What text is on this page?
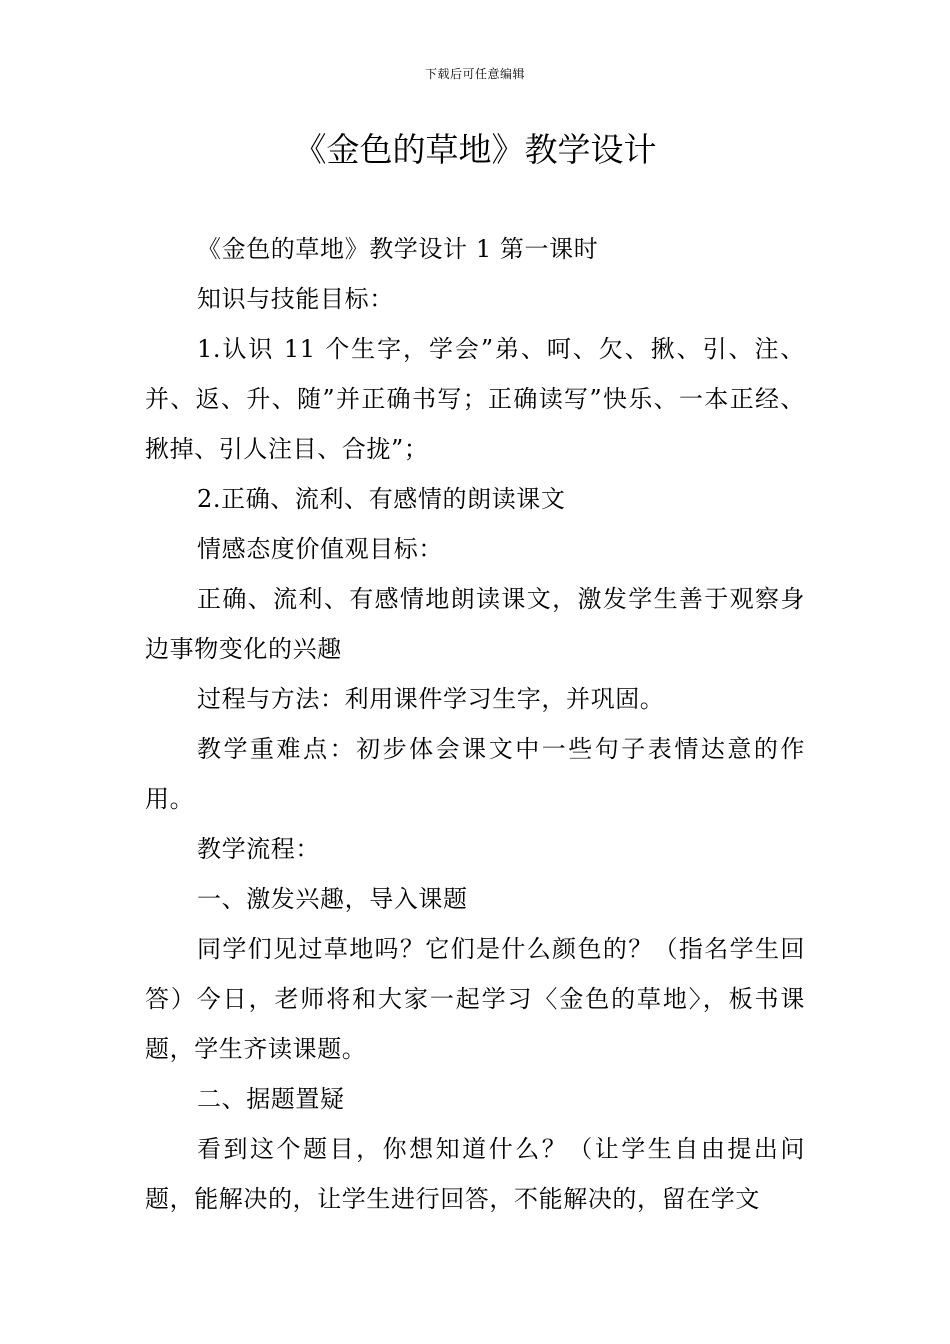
下载后可任意编辑
《金色的草地》教学设计

《金色的草地》教学设计 1 第一课时

知识与技能目标：

1.认识 11 个生字，学会”弟、呵、欠、揪、引、注、并、返、升、随”并正确书写；正确读写”快乐、一本正经、揪掉、引人注目、合拢”；

2.正确、流利、有感情的朗读课文

情感态度价值观目标：

正确、流利、有感情地朗读课文，激发学生善于观察身边事物变化的兴趣

过程与方法：利用课件学习生字，并巩固。

教学重难点：初步体会课文中一些句子表情达意的作用。

教学流程：

一、激发兴趣，导入课题

同学们见过草地吗？它们是什么颜色的？（指名学生回答）今日，老师将和大家一起学习〈金色的草地〉，板书课题，学生齐读课题。

二、据题置疑

看到这个题目，你想知道什么？（让学生自由提出问题，能解决的，让学生进行回答，不能解决的，留在学文
